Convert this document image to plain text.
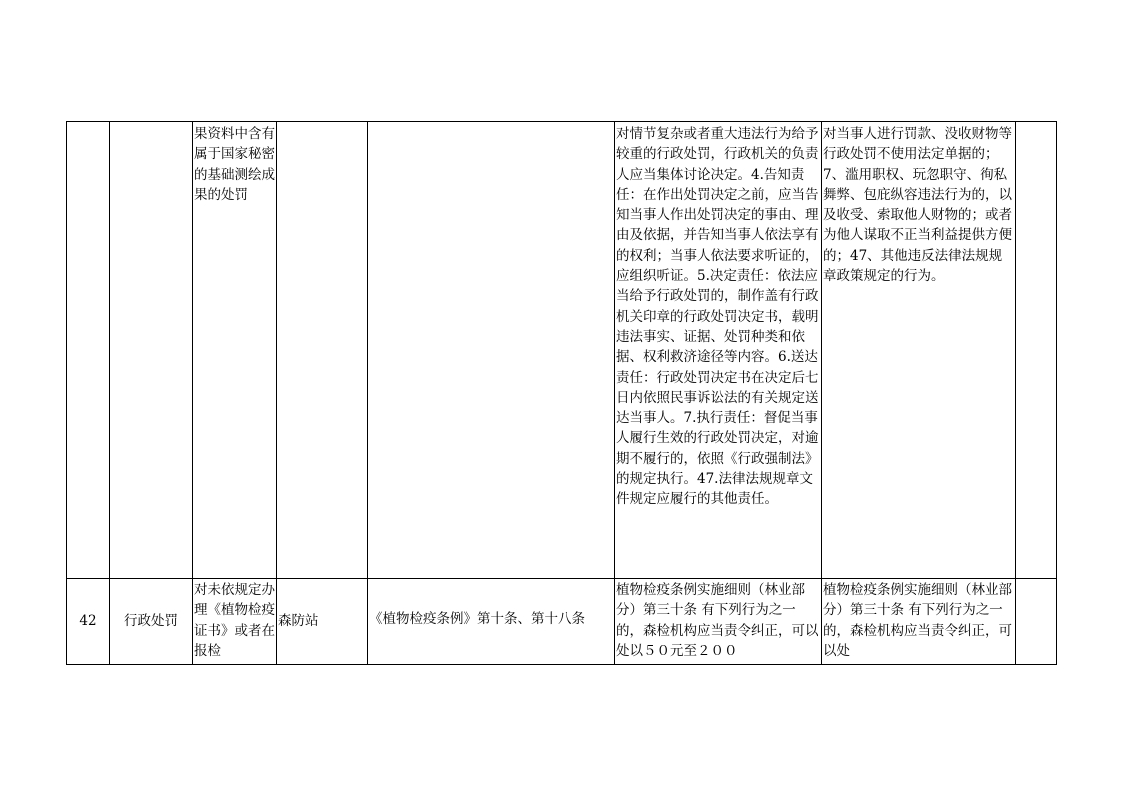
果资料中含有属于国家秘密的基础测绘成果的处罚
对情节复杂或者重大违法行为给予较重的行政处罚，行政机关的负责人应当集体讨论决定。4.告知责任：在作出处罚决定之前，应当告知当事人作出处罚决定的事由、理由及依据，并告知当事人依法享有的权利；当事人依法要求听证的，应组织听证。5.决定责任：依法应当给予行政处罚的，制作盖有行政机关印章的行政处罚决定书，载明违法事实、证据、处罚种类和依据、权利救济途径等内容。6.送达责任：行政处罚决定书在决定后七日内依照民事诉讼法的有关规定送达当事人。7.执行责任：督促当事人履行生效的行政处罚决定，对逾期不履行的，依照《行政强制法》的规定执行。47.法律法规规章文件规定应履行的其他责任。
对当事人进行罚款、没收财物等行政处罚不使用法定单据的；7、滥用职权、玩忽职守、徇私舞弊、包庇纵容违法行为的，以及收受、索取他人财物的；或者为他人谋取不正当利益提供方便的；47、其他违反法律法规规章政策规定的行为。
42	行政处罚
对未依规定办理《植物检疫证书》或者在报检
森防站	《植物检疫条例》第十条、第十八条
植物检疫条例实施细则（林业部分）第三十条 有下列行为之一的，森检机构应当责令纠正，可以处以５０元至２００
植物检疫条例实施细则（林业部分）第三十条 有下列行为之一的，森检机构应当责令纠正，可以处
